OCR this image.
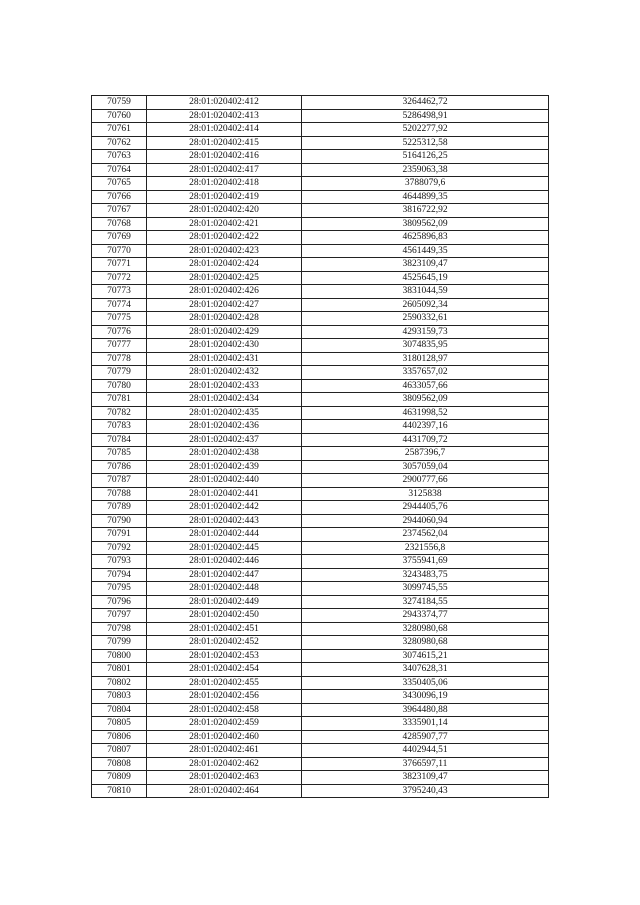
70759	28:01:020402:412	3264462,72
70760	28:01:020402:413	5286498,91
70761	28:01:020402:414	5202277,92
70762	28:01:020402:415	5225312,58
70763	28:01:020402:416	5164126,25
70764	28:01:020402:417	2359063,38
70765	28:01:020402:418	3788079,6
70766	28:01:020402:419	4644899,35
70767	28:01:020402:420	3816722,92
70768	28:01:020402:421	3809562,09
70769	28:01:020402:422	4625896,83
70770	28:01:020402:423	4561449,35
70771	28:01:020402:424	3823109,47
70772	28:01:020402:425	4525645,19
70773	28:01:020402:426	3831044,59
70774	28:01:020402:427	2605092,34
70775	28:01:020402:428	2590332,61
70776	28:01:020402:429	4293159,73
70777	28:01:020402:430	3074835,95
70778	28:01:020402:431	3180128,97
70779	28:01:020402:432	3357657,02
70780	28:01:020402:433	4633057,66
70781	28:01:020402:434	3809562,09
70782	28:01:020402:435	4631998,52
70783	28:01:020402:436	4402397,16
70784	28:01:020402:437	4431709,72
70785	28:01:020402:438	2587396,7
70786	28:01:020402:439	3057059,04
70787	28:01:020402:440	2900777,66
70788	28:01:020402:441	3125838
70789	28:01:020402:442	2944405,76
70790	28:01:020402:443	2944060,94
70791	28:01:020402:444	2374562,04
70792	28:01:020402:445	2321556,8
70793	28:01:020402:446	3755941,69
70794	28:01:020402:447	3243483,75
70795	28:01:020402:448	3099745,55
70796	28:01:020402:449	3274184,55
70797	28:01:020402:450	2943374,77
70798	28:01:020402:451	3280980,68
70799	28:01:020402:452	3280980,68
70800	28:01:020402:453	3074615,21
70801	28:01:020402:454	3407628,31
70802	28:01:020402:455	3350405,06
70803	28:01:020402:456	3430096,19
70804	28:01:020402:458	3964480,88
70805	28:01:020402:459	3335901,14
70806	28:01:020402:460	4285907,77
70807	28:01:020402:461	4402944,51
70808	28:01:020402:462	3766597,11
70809	28:01:020402:463	3823109,47
70810	28:01:020402:464	3795240,43
